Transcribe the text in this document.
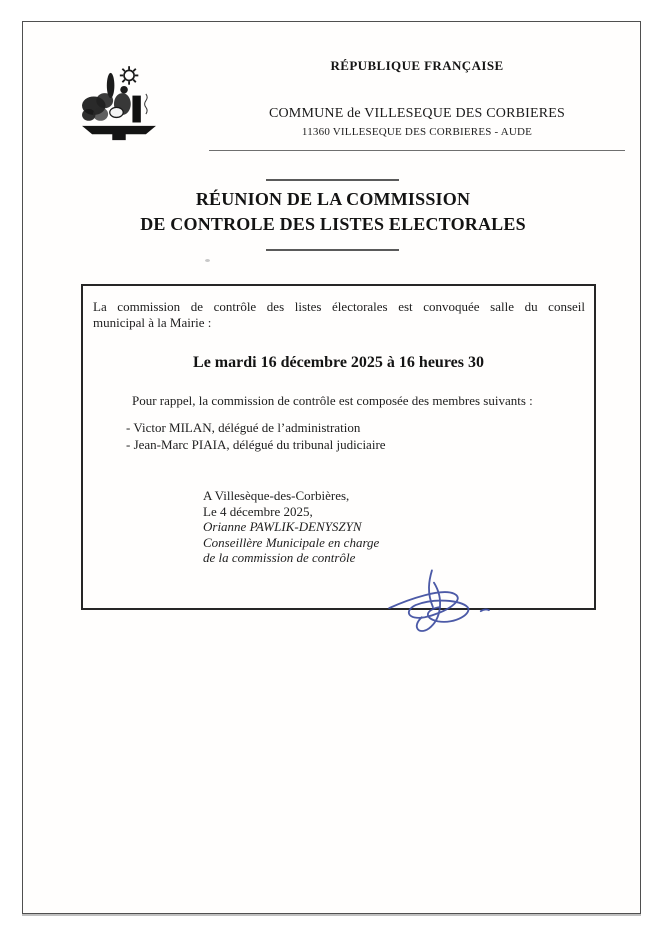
RÉPUBLIQUE FRANÇAISE
COMMUNE de VILLESEQUE DES CORBIERES
11360 VILLESEQUE DES CORBIERES - AUDE
RÉUNION DE LA COMMISSION
DE CONTROLE DES LISTES ELECTORALES
La commission de contrôle des listes électorales est convoquée salle du conseil
municipal à la Mairie :
Le mardi 16 décembre 2025 à 16 heures 30
Pour rappel, la commission de contrôle est composée des membres suivants :
- Victor MILAN, délégué de l’administration
- Jean-Marc PIAIA, délégué du tribunal judiciaire
A Villesèque-des-Corbières,
Le 4 décembre 2025,
Orianne PAWLIK-DENYSZYN
Conseillère Municipale en charge
de la commission de contrôle
